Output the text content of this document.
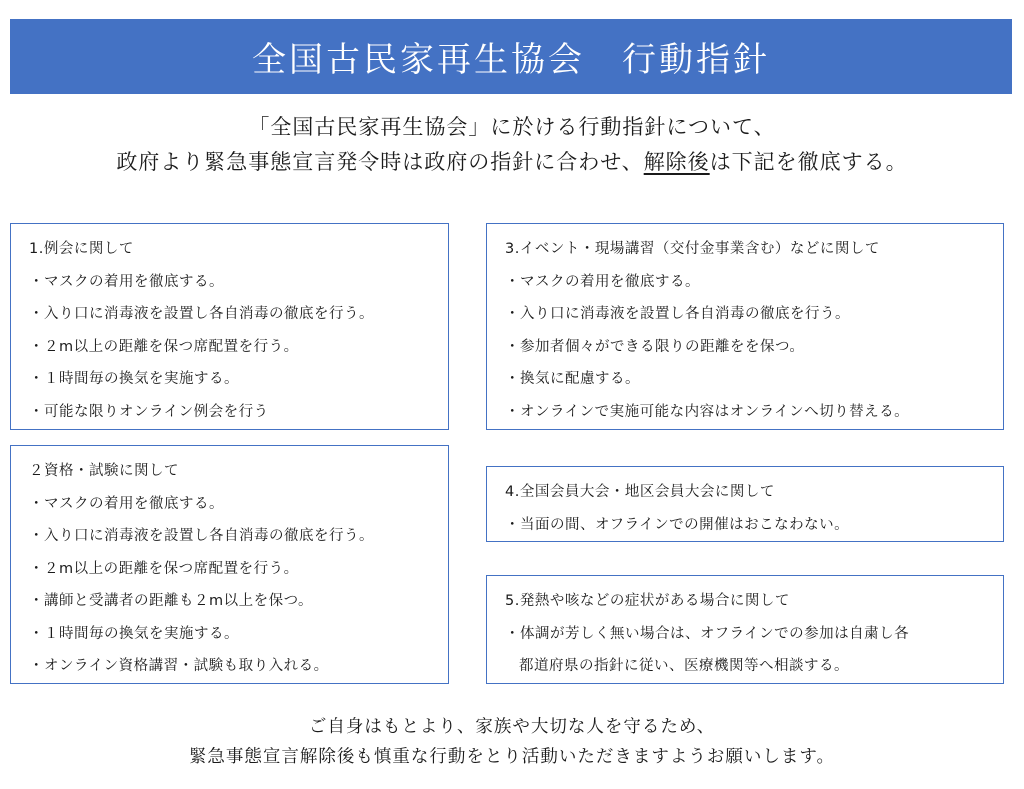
全国古民家再生協会　行動指針
「全国古民家再生協会」に於ける行動指針について、
政府より緊急事態宣言発令時は政府の指針に合わせ、解除後は下記を徹底する。
1.例会に関して
・マスクの着用を徹底する。
・入り口に消毒液を設置し各自消毒の徹底を行う。
・２m以上の距離を保つ席配置を行う。
・１時間毎の換気を実施する。
・可能な限りオンライン例会を行う
２資格・試験に関して
・マスクの着用を徹底する。
・入り口に消毒液を設置し各自消毒の徹底を行う。
・２m以上の距離を保つ席配置を行う。
・講師と受講者の距離も２m以上を保つ。
・１時間毎の換気を実施する。
・オンライン資格講習・試験も取り入れる。
3.イベント・現場講習（交付金事業含む）などに関して
・マスクの着用を徹底する。
・入り口に消毒液を設置し各自消毒の徹底を行う。
・参加者個々ができる限りの距離をを保つ。
・換気に配慮する。
・オンラインで実施可能な内容はオンラインへ切り替える。
4.全国会員大会・地区会員大会に関して
・当面の間、オフラインでの開催はおこなわない。
5.発熱や咳などの症状がある場合に関して
・体調が芳しく無い場合は、オフラインでの参加は自粛し各
都道府県の指針に従い、医療機関等へ相談する。
ご自身はもとより、家族や大切な人を守るため、
緊急事態宣言解除後も慎重な行動をとり活動いただきますようお願いします。
